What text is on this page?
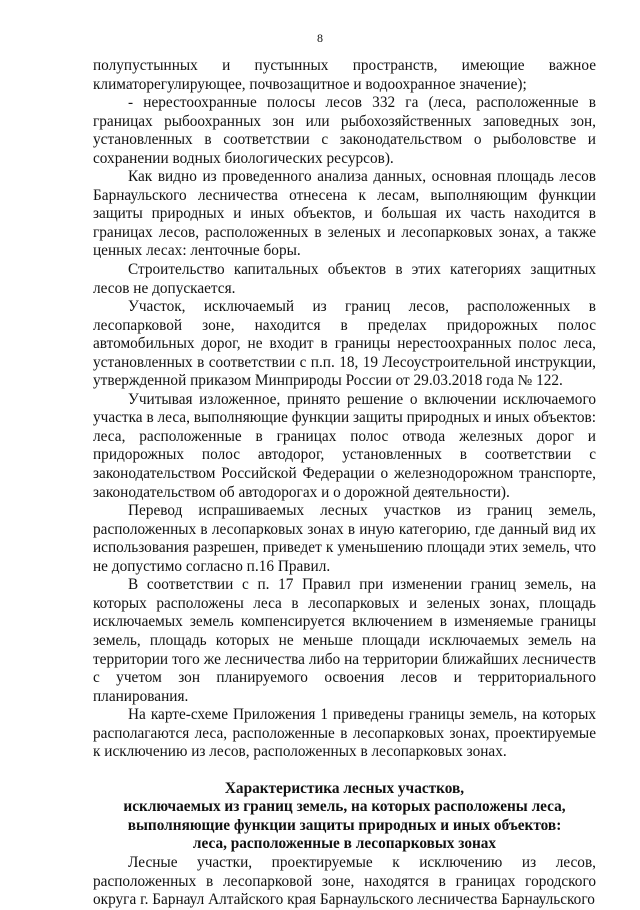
8

полупустынных и пустынных пространств, имеющие важное климаторегулирующее, почвозащитное и водоохранное значение);

- нерестоохранные полосы лесов 332 га (леса, расположенные в границах рыбоохранных зон или рыбохозяйственных заповедных зон, установленных в соответствии с законодательством о рыболовстве и сохранении водных биологических ресурсов).

Как видно из проведенного анализа данных, основная площадь лесов Барнаульского лесничества отнесена к лесам, выполняющим функции защиты природных и иных объектов, и большая их часть находится в границах лесов, расположенных в зеленых и лесопарковых зонах, а также ценных лесах: ленточные боры.

Строительство капитальных объектов в этих категориях защитных лесов не допускается.

Участок, исключаемый из границ лесов, расположенных в лесопарковой зоне, находится в пределах придорожных полос автомобильных дорог, не входит в границы нерестоохранных полос леса, установленных в соответствии с п.п. 18, 19 Лесоустроительной инструкции, утвержденной приказом Минприроды России от 29.03.2018 года № 122.

Учитывая изложенное, принято решение о включении исключаемого участка в леса, выполняющие функции защиты природных и иных объектов: леса, расположенные в границах полос отвода железных дорог и придорожных полос автодорог, установленных в соответствии с законодательством Российской Федерации о железнодорожном транспорте, законодательством об автодорогах и о дорожной деятельности).

Перевод испрашиваемых лесных участков из границ земель, расположенных в лесопарковых зонах в иную категорию, где данный вид их использования разрешен, приведет к уменьшению площади этих земель, что не допустимо согласно п.16 Правил.

В соответствии с п. 17 Правил при изменении границ земель, на которых расположены леса в лесопарковых и зеленых зонах, площадь исключаемых земель компенсируется включением в изменяемые границы земель, площадь которых не меньше площади исключаемых земель на территории того же лесничества либо на территории ближайших лесничеств с учетом зон планируемого освоения лесов и территориального планирования.

На карте-схеме Приложения 1 приведены границы земель, на которых располагаются леса, расположенные в лесопарковых зонах, проектируемые к исключению из лесов, расположенных в лесопарковых зонах.

Характеристика лесных участков,
исключаемых из границ земель, на которых расположены леса,
выполняющие функции защиты природных и иных объектов:
леса, расположенные в лесопарковых зонах

Лесные участки, проектируемые к исключению из лесов, расположенных в лесопарковой зоне, находятся в границах городского округа г. Барнаул Алтайского края Барнаульского лесничества Барнаульского
